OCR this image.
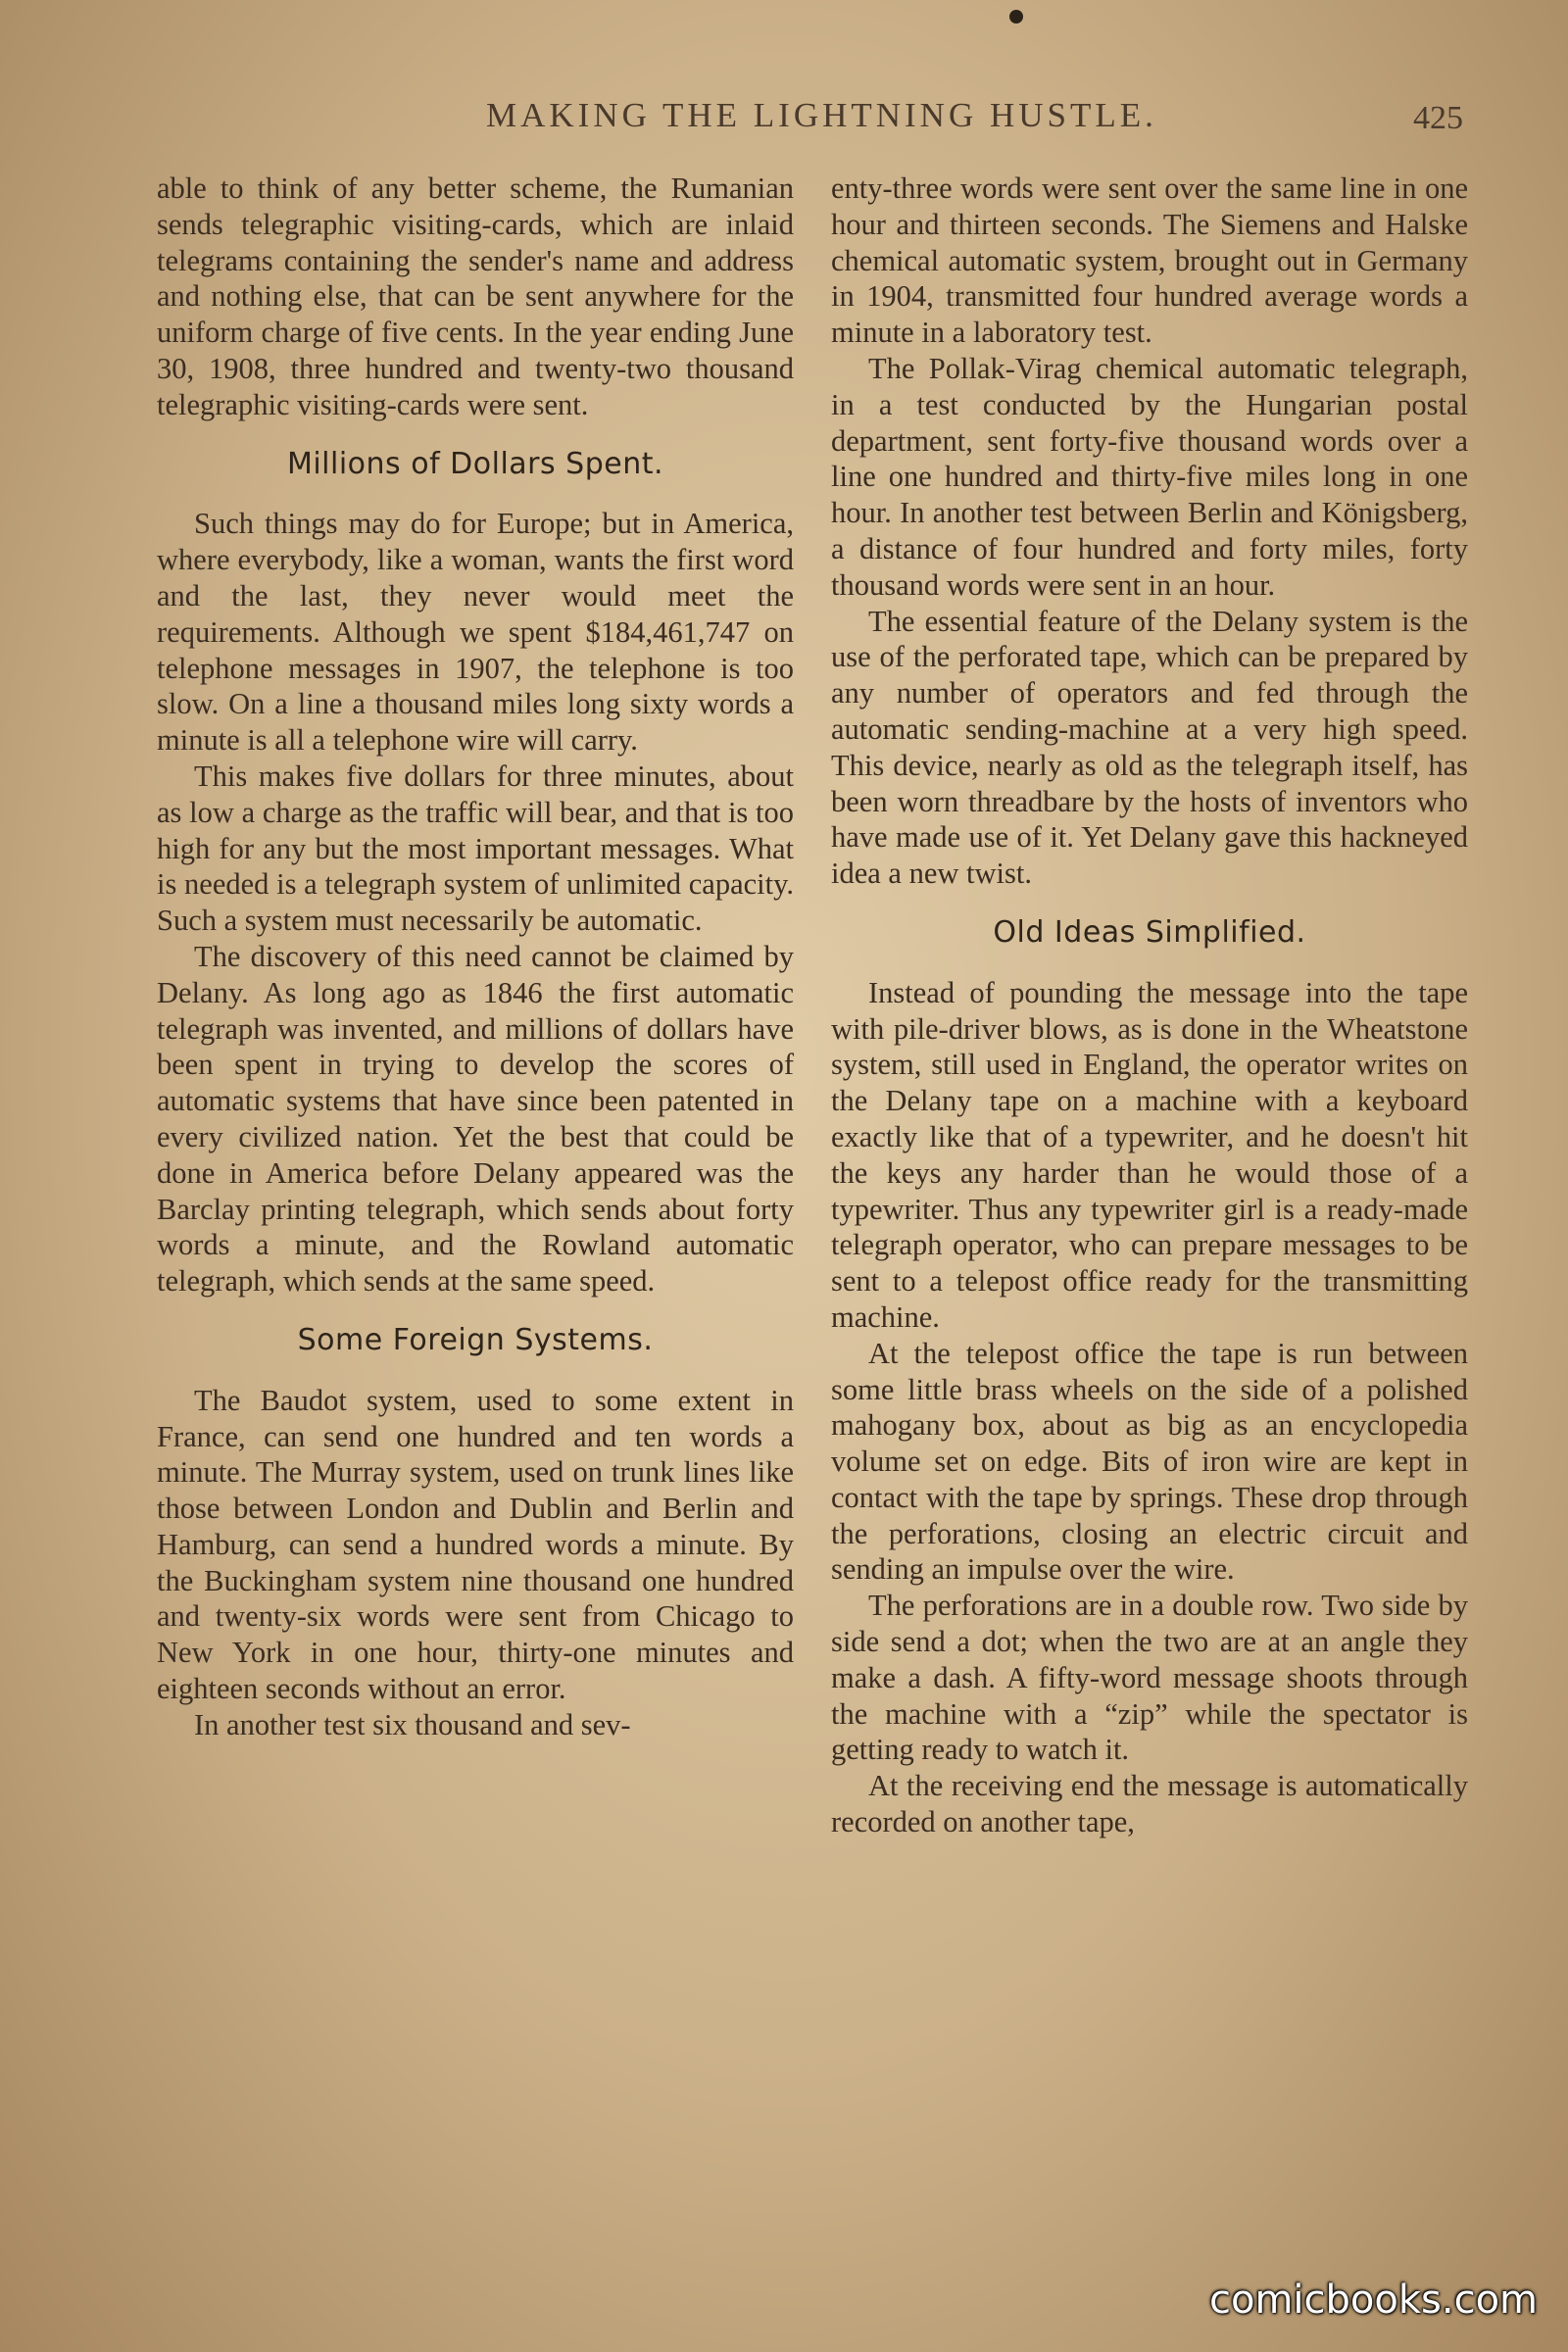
MAKING THE LIGHTNING HUSTLE.	425

able to think of any better scheme, the Rumanian sends telegraphic visiting-cards, which are inlaid telegrams containing the sender's name and address and nothing else, that can be sent anywhere for the uniform charge of five cents. In the year ending June 30, 1908, three hundred and twenty-two thousand telegraphic visiting-cards were sent.

Millions of Dollars Spent.

Such things may do for Europe; but in America, where everybody, like a woman, wants the first word and the last, they never would meet the requirements. Although we spent $184,461,747 on telephone messages in 1907, the telephone is too slow. On a line a thousand miles long sixty words a minute is all a telephone wire will carry.

This makes five dollars for three minutes, about as low a charge as the traffic will bear, and that is too high for any but the most important messages. What is needed is a telegraph system of unlimited capacity. Such a system must necessarily be automatic.

The discovery of this need cannot be claimed by Delany. As long ago as 1846 the first automatic telegraph was invented, and millions of dollars have been spent in trying to develop the scores of automatic systems that have since been patented in every civilized nation. Yet the best that could be done in America before Delany appeared was the Barclay printing telegraph, which sends about forty words a minute, and the Rowland automatic telegraph, which sends at the same speed.

Some Foreign Systems.

The Baudot system, used to some extent in France, can send one hundred and ten words a minute. The Murray system, used on trunk lines like those between London and Dublin and Berlin and Hamburg, can send a hundred words a minute. By the Buckingham system nine thousand one hundred and twenty-six words were sent from Chicago to New York in one hour, thirty-one minutes and eighteen seconds without an error.

In another test six thousand and sev-

enty-three words were sent over the same line in one hour and thirteen seconds. The Siemens and Halske chemical automatic system, brought out in Germany in 1904, transmitted four hundred average words a minute in a laboratory test.

The Pollak-Virag chemical automatic telegraph, in a test conducted by the Hungarian postal department, sent forty-five thousand words over a line one hundred and thirty-five miles long in one hour. In another test between Berlin and Königsberg, a distance of four hundred and forty miles, forty thousand words were sent in an hour.

The essential feature of the Delany system is the use of the perforated tape, which can be prepared by any number of operators and fed through the automatic sending-machine at a very high speed. This device, nearly as old as the telegraph itself, has been worn threadbare by the hosts of inventors who have made use of it. Yet Delany gave this hackneyed idea a new twist.

Old Ideas Simplified.

Instead of pounding the message into the tape with pile-driver blows, as is done in the Wheatstone system, still used in England, the operator writes on the Delany tape on a machine with a keyboard exactly like that of a typewriter, and he doesn't hit the keys any harder than he would those of a typewriter. Thus any typewriter girl is a ready-made telegraph operator, who can prepare messages to be sent to a telepost office ready for the transmitting machine.

At the telepost office the tape is run between some little brass wheels on the side of a polished mahogany box, about as big as an encyclopedia volume set on edge. Bits of iron wire are kept in contact with the tape by springs. These drop through the perforations, closing an electric circuit and sending an impulse over the wire.

The perforations are in a double row. Two side by side send a dot; when the two are at an angle they make a dash. A fifty-word message shoots through the machine with a “zip” while the spectator is getting ready to watch it.

At the receiving end the message is automatically recorded on another tape,

comicbooks.com
